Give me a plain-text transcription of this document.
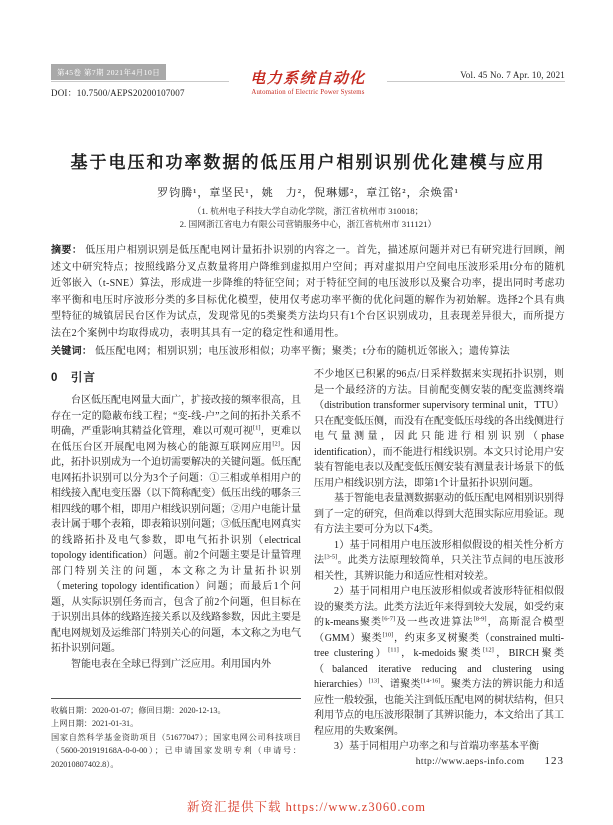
电力系统自动化
Automation of Electric Power Systems
第45卷 第7期 2021年4月10日
DOI：10.7500/AEPS20200107007
Vol. 45 No. 7 Apr. 10, 2021
基于电压和功率数据的低压用户相别识别优化建模与应用
罗钧腾¹，章坚民¹，姚　力²，倪琳娜²，章江铭²，余焕雷¹
（1. 杭州电子科技大学自动化学院，浙江省杭州市 310018；
2. 国网浙江省电力有限公司营销服务中心，浙江省杭州市 311121）
摘要： 低压用户相别识别是低压配电网计量拓扑识别的内容之一。首先，描述原问题并对已有研究进行回顾，阐述文中研究特点；按照线路分叉点数量将用户降维到虚拟用户空间；再对虚拟用户空间电压波形采用t分布的随机近邻嵌入（t-SNE）算法，形成进一步降维的特征空间；对于特征空间的电压波形以及聚合功率，提出同时考虑功率平衡和电压时序波形分类的多目标优化模型，使用仅考虑功率平衡的优化问题的解作为初始解。选择2个具有典型特征的城镇居民台区作为试点，发现常见的5类聚类方法均只有1个台区识别成功，且表现差异很大，而所提方法在2个案例中均取得成功，表明其具有一定的稳定性和通用性。
关键词： 低压配电网；相别识别；电压波形相似；功率平衡；聚类；t分布的随机近邻嵌入；遗传算法
0　引言

台区低压配电网量大面广，扩接改接的频率很高，且存在一定的隐蔽布线工程；“变-线-户”之间的拓扑关系不明确，严重影响其精益化管理，难以可观可视[1]，更难以在低压台区开展配电网为核心的能源互联网应用[2]。因此，拓扑识别成为一个迫切需要解决的关键问题。低压配电网拓扑识别可以分为3个子问题：①三相或单相用户的相线接入配电变压器（以下简称配变）低压出线的哪条三相四线的哪个相，即用户相线识别问题；②用户电能计量表计属于哪个表箱，即表箱识别问题；③低压配电网真实的线路拓扑及电气参数，即电气拓扑识别（electrical topology identification）问题。前2个问题主要是计量管理部门特别关注的问题，本文称之为计量拓扑识别（metering topology identification）问题；而最后1个问题，从实际识别任务而言，包含了前2个问题，但目标在于识别出具体的线路连接关系以及线路参数，因此主要是配电网规划及运维部门特别关心的问题，本文称之为电气拓扑识别问题。

智能电表在全球已得到广泛应用。利用国内外

收稿日期：2020-01-07；修回日期：2020-12-13。

上网日期：2021-01-31。

国家自然科学基金资助项目（51677047）；国家电网公司科技项目（5600-201919168A-0-0-00）；已申请国家发明专利（申请号：202010807402.8）。

不少地区已积累的96点/日采样数据来实现拓扑识别，则是一个最经济的方法。目前配变侧安装的配变监测终端（distribution transformer supervisory terminal unit，TTU）只在配变低压侧，而没有在配变低压母线的各出线侧进行电气量测量，因此只能进行相别识别（phase identification），而不能进行相线识别。本文只讨论用户安装有智能电表以及配变低压侧安装有测量表计场景下的低压用户相线识别方法，即第1个计量拓扑识别问题。

基于智能电表量测数据驱动的低压配电网相别识别得到了一定的研究，但尚难以得到大范围实际应用验证。现有方法主要可分为以下4类。

1）基于同相用户电压波形相似假设的相关性分析方法[3-5]。此类方法原理较简单，只关注节点间的电压波形相关性，其辨识能力和适应性相对较差。

2）基于同相用户电压波形相似或者波形特征相似假设的聚类方法。此类方法近年来得到较大发展，如受约束的k-means聚类[6-7]及一些改进算法[8-9]，高斯混合模型（GMM）聚类[10]，约束多叉树聚类（constrained multi-tree clustering）[11]，k-medoids聚类[12]，BIRCH聚类（balanced iterative reducing and clustering using hierarchies）[13]、谱聚类[14-16]。聚类方法的辨识能力和适应性一般较强，也能关注到低压配电网的树状结构，但只利用节点的电压波形限制了其辨识能力，本文给出了其工程应用的失败案例。

3）基于同相用户功率之和与首端功率基本平衡

http://www.aeps-info.com 123
新资汇提供下载 https://www.z3060.com
